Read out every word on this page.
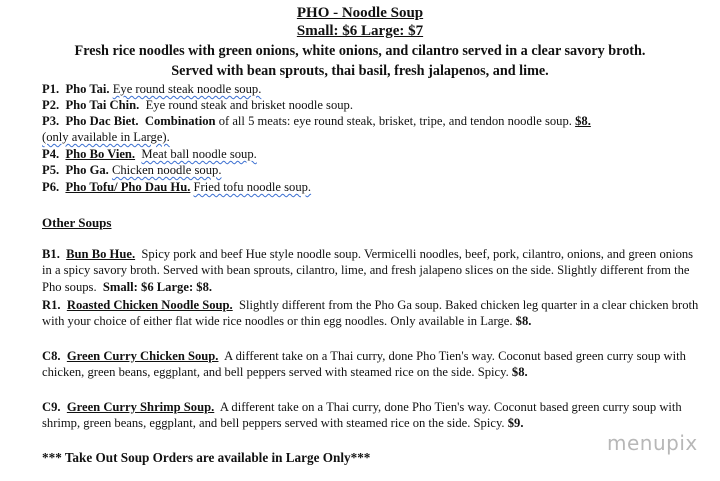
PHO - Noodle Soup
Small: $6 Large: $7
Fresh rice noodles with green onions, white onions, and cilantro served in a clear savory broth.
Served with bean sprouts, thai basil, fresh jalapenos, and lime.
P1. Pho Tai. Eye round steak noodle soup.
P2. Pho Tai Chin. Eye round steak and brisket noodle soup.
P3. Pho Dac Biet. Combination of all 5 meats: eye round steak, brisket, tripe, and tendon noodle soup. $8.
(only available in Large).
P4. Pho Bo Vien. Meat ball noodle soup.
P5. Pho Ga. Chicken noodle soup.
P6. Pho Tofu/ Pho Dau Hu. Fried tofu noodle soup.
Other Soups
B1. Bun Bo Hue. Spicy pork and beef Hue style noodle soup. Vermicelli noodles, beef, pork, cilantro, onions, and green onions in a spicy savory broth. Served with bean sprouts, cilantro, lime, and fresh jalapeno slices on the side. Slightly different from the Pho soups. Small: $6 Large: $8.
R1. Roasted Chicken Noodle Soup. Slightly different from the Pho Ga soup. Baked chicken leg quarter in a clear chicken broth with your choice of either flat wide rice noodles or thin egg noodles. Only available in Large. $8.
C8. Green Curry Chicken Soup. A different take on a Thai curry, done Pho Tien's way. Coconut based green curry soup with chicken, green beans, eggplant, and bell peppers served with steamed rice on the side. Spicy. $8.
C9. Green Curry Shrimp Soup. A different take on a Thai curry, done Pho Tien's way. Coconut based green curry soup with shrimp, green beans, eggplant, and bell peppers served with steamed rice on the side. Spicy. $9.
*** Take Out Soup Orders are available in Large Only***
menupix
